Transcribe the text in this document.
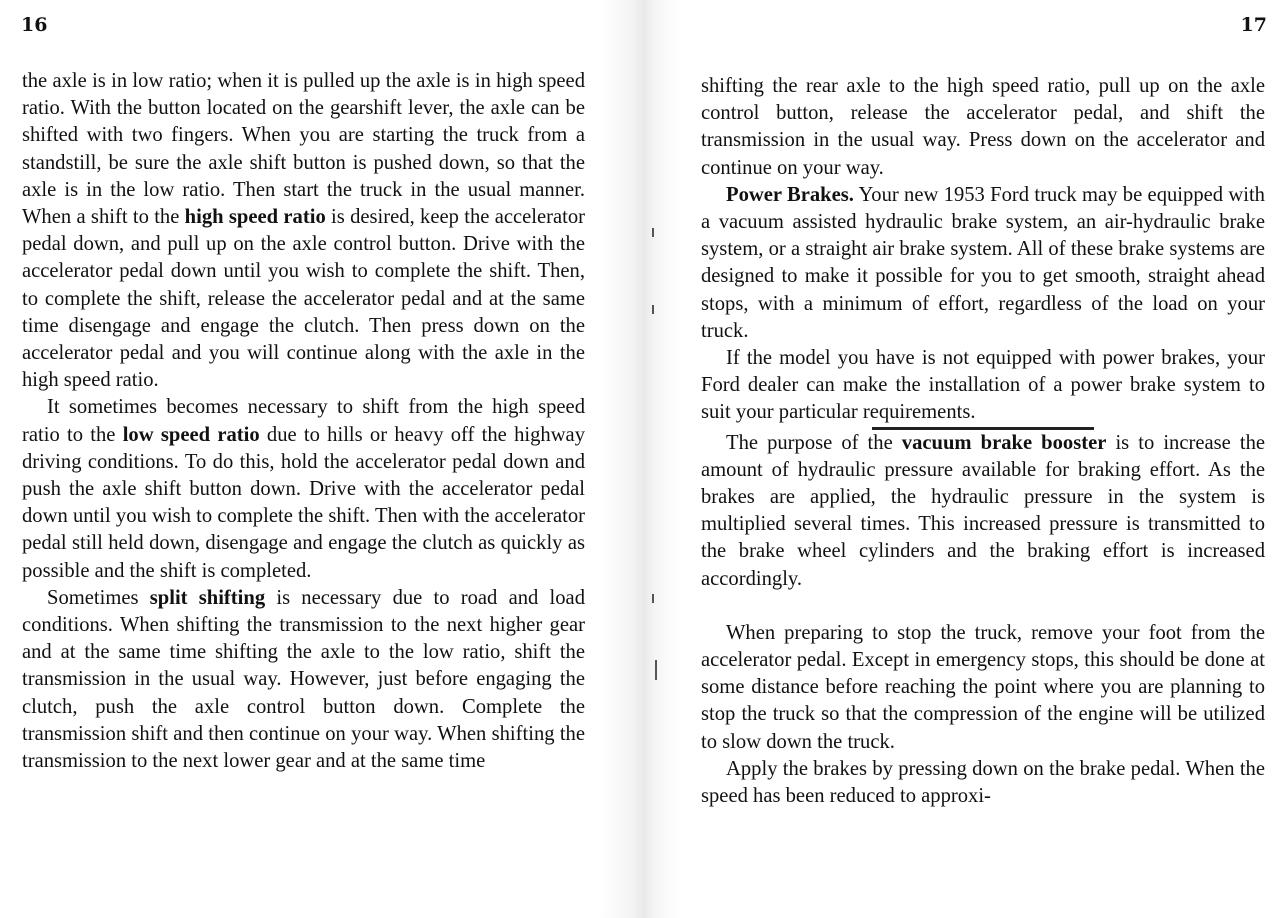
16

the axle is in low ratio; when it is pulled up the axle is in high speed ratio. With the button located on the gearshift lever, the axle can be shifted with two fingers. When you are starting the truck from a standstill, be sure the axle shift button is pushed down, so that the axle is in the low ratio. Then start the truck in the usual manner. When a shift to the high speed ratio is desired, keep the accelerator pedal down, and pull up on the axle control button. Drive with the accelerator pedal down until you wish to complete the shift. Then, to complete the shift, release the accelerator pedal and at the same time disengage and engage the clutch. Then press down on the accelerator pedal and you will continue along with the axle in the high speed ratio.

It sometimes becomes necessary to shift from the high speed ratio to the low speed ratio due to hills or heavy off the highway driving conditions. To do this, hold the accelerator pedal down and push the axle shift button down. Drive with the accelerator pedal down until you wish to complete the shift. Then with the accelerator pedal still held down, disengage and engage the clutch as quickly as possible and the shift is completed.

Sometimes split shifting is necessary due to road and load conditions. When shifting the transmission to the next higher gear and at the same time shifting the axle to the low ratio, shift the transmission in the usual way. However, just before engaging the clutch, push the axle control button down. Complete the transmission shift and then continue on your way. When shifting the transmission to the next lower gear and at the same time

17

shifting the rear axle to the high speed ratio, pull up on the axle control button, release the accelerator pedal, and shift the transmission in the usual way. Press down on the accelerator and continue on your way.

Power Brakes. Your new 1953 Ford truck may be equipped with a vacuum assisted hydraulic brake system, an air-hydraulic brake system, or a straight air brake system. All of these brake systems are designed to make it possible for you to get smooth, straight ahead stops, with a minimum of effort, regardless of the load on your truck.

If the model you have is not equipped with power brakes, your Ford dealer can make the installation of a power brake system to suit your particular requirements.

The purpose of the vacuum brake booster is to increase the amount of hydraulic pressure available for braking effort. As the brakes are applied, the hydraulic pressure in the system is multiplied several times. This increased pressure is transmitted to the brake wheel cylinders and the braking effort is increased accordingly.

When preparing to stop the truck, remove your foot from the accelerator pedal. Except in emergency stops, this should be done at some distance before reaching the point where you are planning to stop the truck so that the compression of the engine will be utilized to slow down the truck.

Apply the brakes by pressing down on the brake pedal. When the speed has been reduced to approxi-
